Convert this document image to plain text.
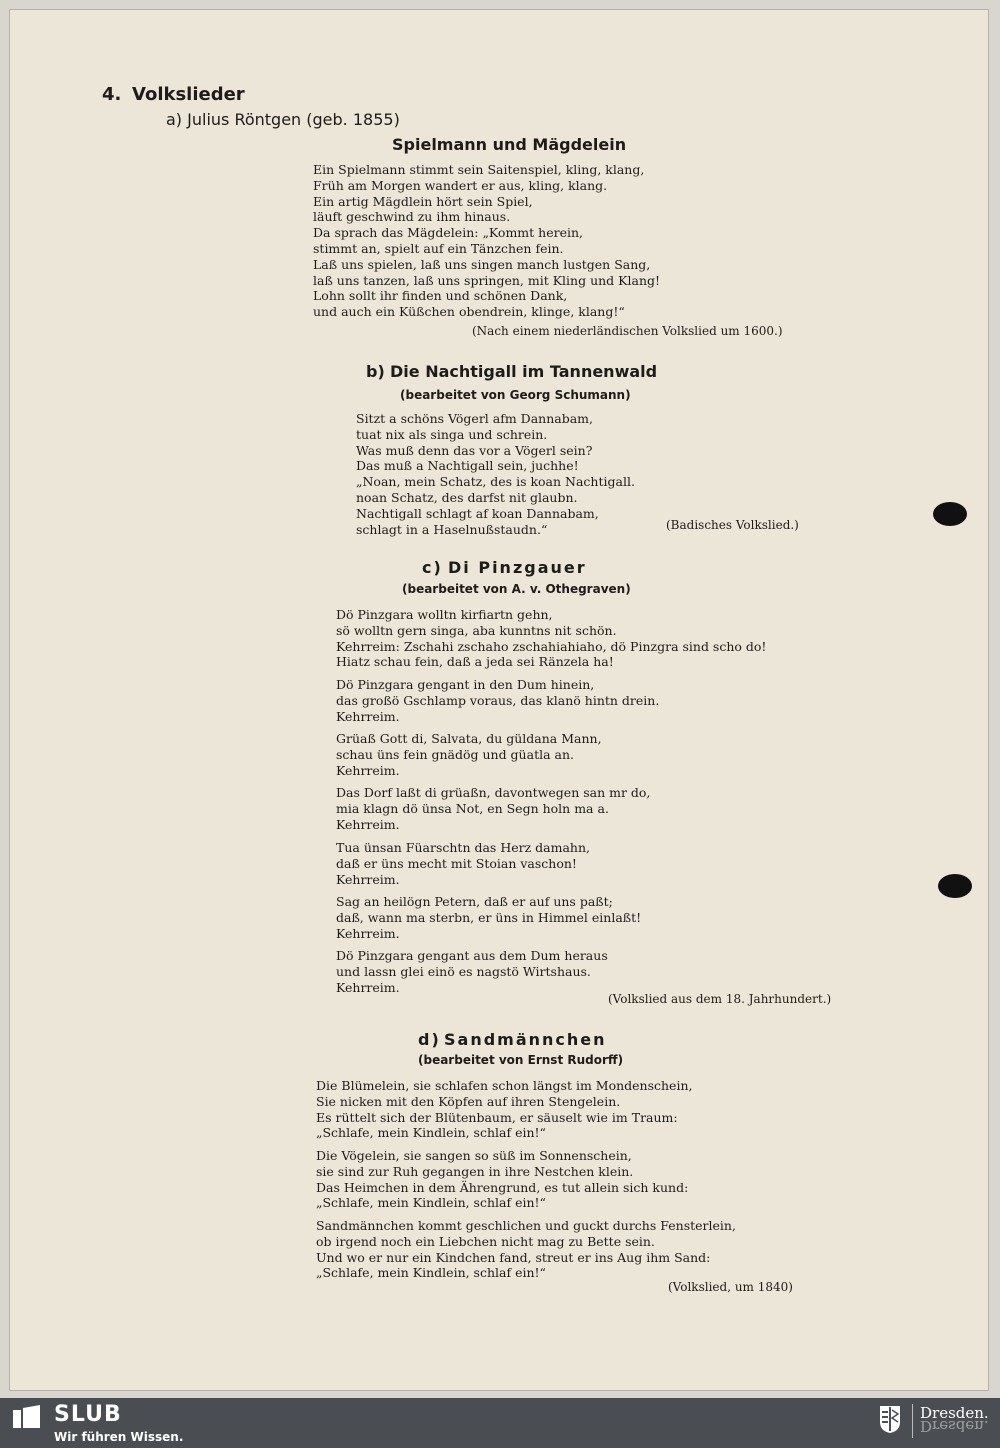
4. Volkslieder
a) Julius Röntgen (geb. 1855)
Spielmann und Mägdelein
Ein Spielmann stimmt sein Saitenspiel, kling, klang,
Früh am Morgen wandert er aus, kling, klang.
Ein artig Mägdlein hört sein Spiel,
läuft geschwind zu ihm hinaus.
Da sprach das Mägdelein: „Kommt herein,
stimmt an, spielt auf ein Tänzchen fein.
Laß uns spielen, laß uns singen manch lustgen Sang,
laß uns tanzen, laß uns springen, mit Kling und Klang!
Lohn sollt ihr finden und schönen Dank,
und auch ein Küßchen obendrein, klinge, klang!“
(Nach einem niederländischen Volkslied um 1600.)
b) Die Nachtigall im Tannenwald
(bearbeitet von Georg Schumann)
Sitzt a schöns Vögerl afm Dannabam,
tuat nix als singa und schrein.
Was muß denn das vor a Vögerl sein?
Das muß a Nachtigall sein, juchhe!
„Noan, mein Schatz, des is koan Nachtigall.
noan Schatz, des darfst nit glaubn.
Nachtigall schlagt af koan Dannabam,
schlagt in a Haselnußstaudn.“	(Badisches Volkslied.)
c) Di Pinzgauer
(bearbeitet von A. v. Othegraven)
Dö Pinzgara wolltn kirfiartn gehn,
sö wolltn gern singa, aba kunntns nit schön.
Kehrreim: Zschahi zschaho zschahiahiaho, dö Pinzgra sind scho do!
Hiatz schau fein, daß a jeda sei Ränzela ha!
Dö Pinzgara gengant in den Dum hinein,
das großö Gschlamp voraus, das klanö hintn drein.
Kehrreim.
Grüaß Gott di, Salvata, du güldana Mann,
schau üns fein gnädög und güatla an.
Kehrreim.
Das Dorf laßt di grüaßn, davontwegen san mr do,
mia klagn dö ünsa Not, en Segn holn ma a.
Kehrreim.
Tua ünsan Füarschtn das Herz damahn,
daß er üns mecht mit Stoian vaschon!
Kehrreim.
Sag an heilögn Petern, daß er auf uns paßt;
daß, wann ma sterbn, er üns in Himmel einlaßt!
Kehrreim.
Dö Pinzgara gengant aus dem Dum heraus
und lassn glei einö es nagstö Wirtshaus.
Kehrreim.
(Volkslied aus dem 18. Jahrhundert.)
d) Sandmännchen
(bearbeitet von Ernst Rudorff)
Die Blümelein, sie schlafen schon längst im Mondenschein,
Sie nicken mit den Köpfen auf ihren Stengelein.
Es rüttelt sich der Blütenbaum, er säuselt wie im Traum:
„Schlafe, mein Kindlein, schlaf ein!“
Die Vögelein, sie sangen so süß im Sonnenschein,
sie sind zur Ruh gegangen in ihre Nestchen klein.
Das Heimchen in dem Ährengrund, es tut allein sich kund:
„Schlafe, mein Kindlein, schlaf ein!“
Sandmännchen kommt geschlichen und guckt durchs Fensterlein,
ob irgend noch ein Liebchen nicht mag zu Bette sein.
Und wo er nur ein Kindchen fand, streut er ins Aug ihm Sand:
„Schlafe, mein Kindlein, schlaf ein!“
(Volkslied, um 1840)
SLUB
Wir führen Wissen.
Dresden.
Dresden.
